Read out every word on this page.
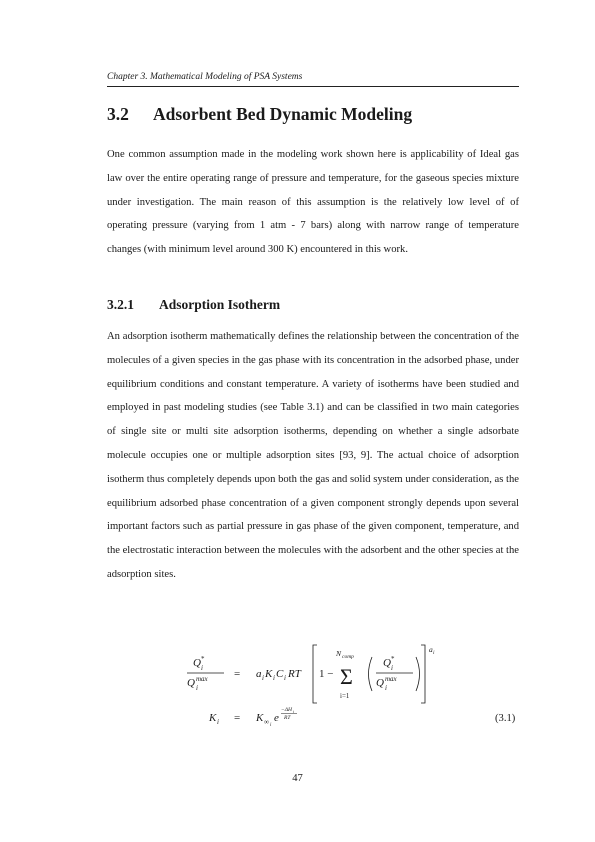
Chapter 3. Mathematical Modeling of PSA Systems
3.2 Adsorbent Bed Dynamic Modeling

One common assumption made in the modeling work shown here is applicability of Ideal gas law over the entire operating range of pressure and temperature, for the gaseous species mixture under investigation. The main reason of this assumption is the relatively low level of of operating pressure (varying from 1 atm - 7 bars) along with narrow range of temperature changes (with minimum level around 300 K) encountered in this work.

3.2.1 Adsorption Isotherm

An adsorption isotherm mathematically defines the relationship between the concentration of the molecules of a given species in the gas phase with its concentration in the adsorbed phase, under equilibrium conditions and constant temperature. A variety of isotherms have been studied and employed in past modeling studies (see Table 3.1) and can be classified in two main categories of single site or multi site adsorption isotherms, depending on whether a single adsorbate molecule occupies one or multiple adsorption sites [93, 9]. The actual choice of adsorption isotherm thus completely depends upon both the gas and solid system under consideration, as the equilibrium adsorbed phase concentration of a given component strongly depends upon several important factors such as partial pressure in gas phase of the given component, temperature, and the electrostatic interaction between the molecules with the adsorbent and the other species at the adsorption sites.

Q *
i
Q max
i
= a i K i C i RT 1 −
N comp
Σ
i=1
Q *
i
Q max
i
a i
K i = K ∞ i
e
−ΔH i
RT	(3.1)
47
